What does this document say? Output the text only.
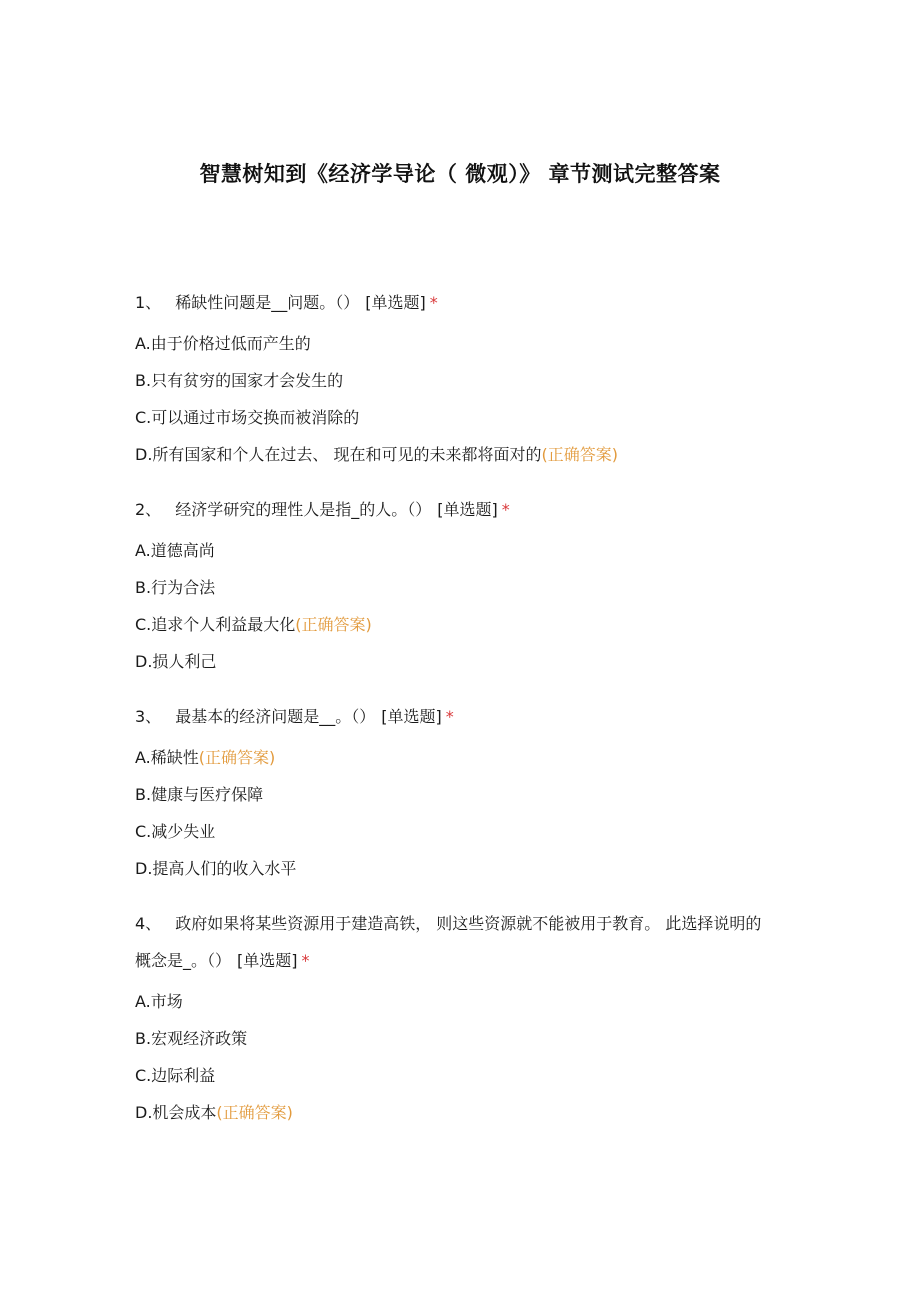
智慧树知到《经济学导论（ 微观）》 章节测试完整答案
1、 稀缺性问题是__问题。（） [单选题] *
A.由于价格过低而产生的
B.只有贫穷的国家才会发生的
C.可以通过市场交换而被消除的
D.所有国家和个人在过去、 现在和可见的未来都将面对的(正确答案)
2、 经济学研究的理性人是指_的人。（） [单选题] *
A.道德高尚
B.行为合法
C.追求个人利益最大化(正确答案)
D.损人利己
3、 最基本的经济问题是__。（） [单选题] *
A.稀缺性(正确答案)
B.健康与医疗保障
C.减少失业
D.提高人们的收入水平
4、 政府如果将某些资源用于建造高铁， 则这些资源就不能被用于教育。 此选择说明的概念是_。（） [单选题] *
A.市场
B.宏观经济政策
C.边际利益
D.机会成本(正确答案)
